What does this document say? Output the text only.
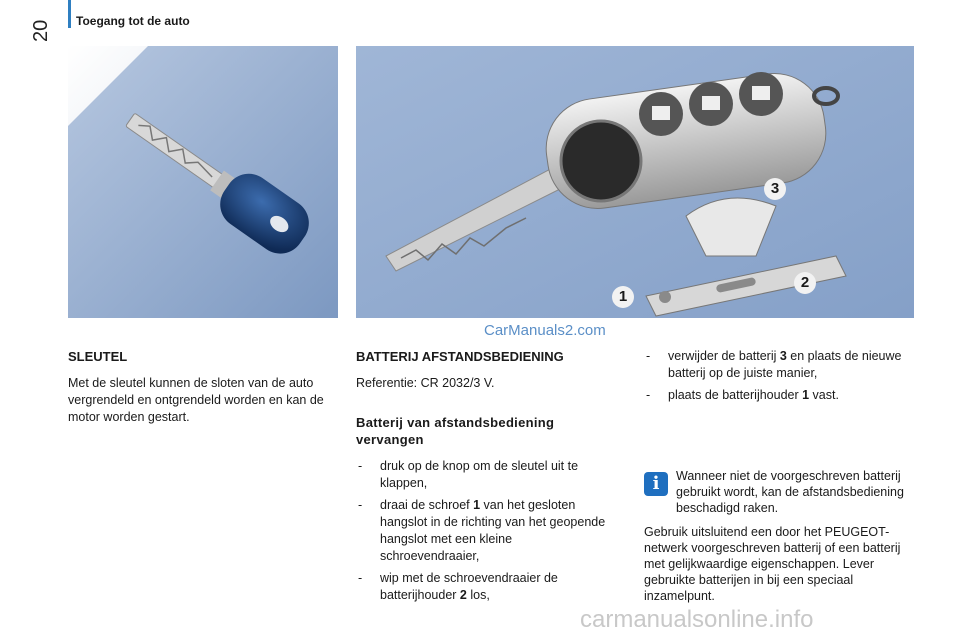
20 Toegang tot de auto
1
2
3
CarManuals2.com

SLEUTEL

Met de sleutel kunnen de sloten van de auto vergrendeld en ontgrendeld worden en kan de motor worden gestart.

BATTERIJ AFSTANDSBEDIENING

Referentie: CR 2032/3 V.

Batterij van afstandsbediening vervangen

- druk op de knop om de sleutel uit te klappen,
- draai de schroef 1 van het gesloten hangslot in de richting van het geopende hangslot met een kleine schroevendraaier,
- wip met de schroevendraaier de batterijhouder 2 los,
- verwijder de batterij 3 en plaats de nieuwe batterij op de juiste manier,
- plaats de batterijhouder 1 vast.
i	Wanneer niet de voorgeschreven batterij gebruikt wordt, kan de afstandsbediening beschadigd raken.

Gebruik uitsluitend een door het PEUGEOT-netwerk voorgeschreven batterij of een batterij met gelijkwaardige eigenschappen. Lever gebruikte batterijen in bij een speciaal inzamelpunt.

carmanualsonline.info
